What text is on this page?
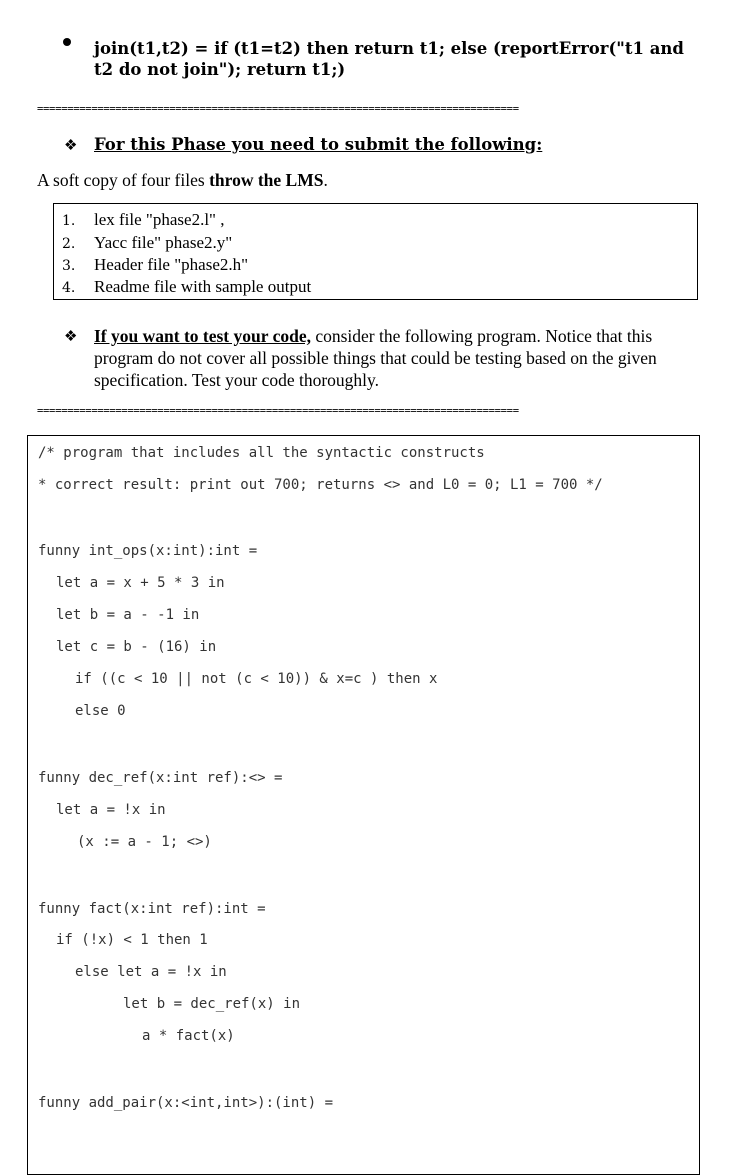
join(t1,t2) = if (t1=t2) then return t1; else (reportError("t1 and t2 do not join"); return t1;)
================================================================================
❖ For this Phase you need to submit the following:
A soft copy of four files throw the LMS.
1. lex file "phase2.l" ,
2. Yacc file" phase2.y"
3. Header file "phase2.h"
4. Readme file with sample output
❖ If you want to test your code, consider the following program. Notice that this program do not cover all possible things that could be testing based on the given specification. Test your code thoroughly.
================================================================================
/* program that includes all the syntactic constructs
* correct result: print out 700; returns <> and L0 = 0; L1 = 700 */
funny int_ops(x:int):int =
let a = x + 5 * 3 in
let b = a - -1 in
let c = b - (16) in
if ((c < 10 || not (c < 10)) & x=c ) then x
else 0
funny dec_ref(x:int ref):<> =
let a = !x in
(x := a - 1; <>)
funny fact(x:int ref):int =
if (!x) < 1 then 1
else let a = !x in
let b = dec_ref(x) in
a * fact(x)
funny add_pair(x:<int,int>):(int) =
